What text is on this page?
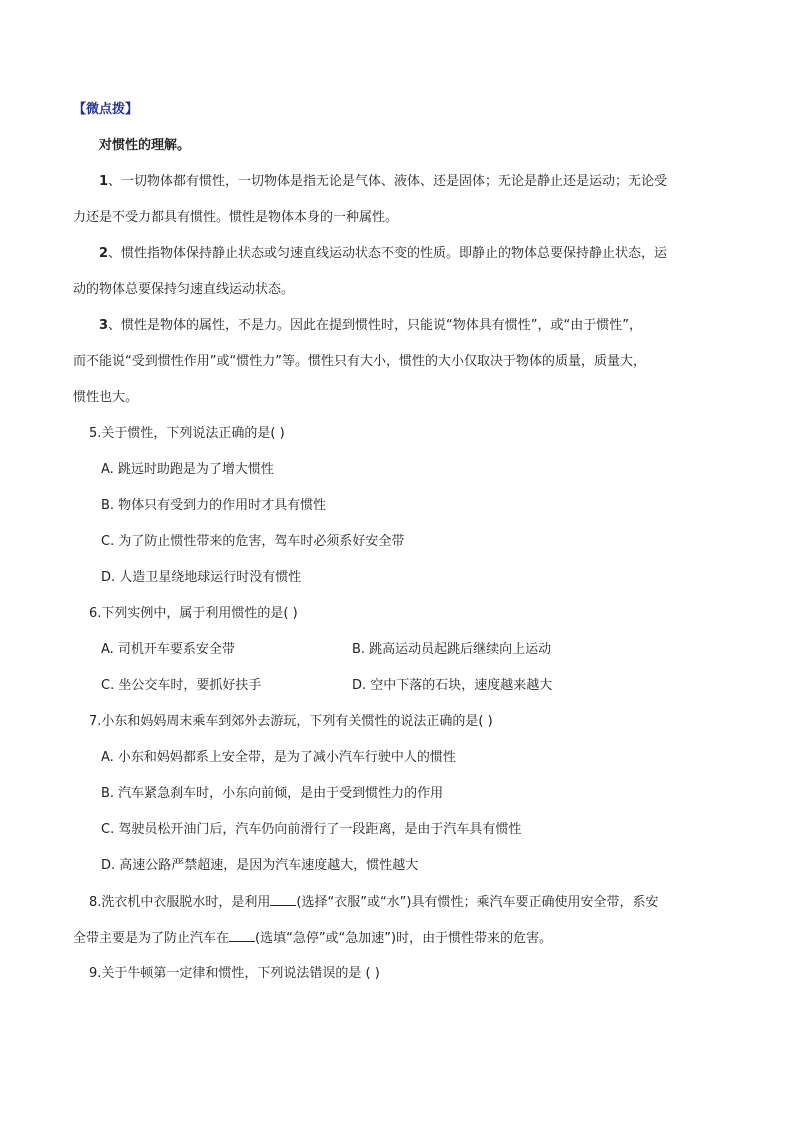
【微点拨】
对惯性的理解。
1、一切物体都有惯性，一切物体是指无论是气体、液体、还是固体；无论是静止还是运动；无论受
力还是不受力都具有惯性。惯性是物体本身的一种属性。
2、惯性指物体保持静止状态或匀速直线运动状态不变的性质。即静止的物体总要保持静止状态，运
动的物体总要保持匀速直线运动状态。
3、惯性是物体的属性，不是力。因此在提到惯性时，只能说“物体具有惯性”，或“由于惯性”，
而不能说“受到惯性作用”或“惯性力”等。惯性只有大小，惯性的大小仅取决于物体的质量，质量大，
惯性也大。
5.关于惯性，下列说法正确的是( )
A. 跳远时助跑是为了增大惯性
B. 物体只有受到力的作用时才具有惯性
C. 为了防止惯性带来的危害，驾车时必须系好安全带
D. 人造卫星绕地球运行时没有惯性
6.下列实例中，属于利用惯性的是( )
A. 司机开车要系安全带	B. 跳高运动员起跳后继续向上运动
C. 坐公交车时，要抓好扶手	D. 空中下落的石块，速度越来越大
7.小东和妈妈周末乘车到郊外去游玩，下列有关惯性的说法正确的是( )
A. 小东和妈妈都系上安全带，是为了减小汽车行驶中人的惯性
B. 汽车紧急刹车时，小东向前倾，是由于受到惯性力的作用
C. 驾驶员松开油门后，汽车仍向前滑行了一段距离，是由于汽车具有惯性
D. 高速公路严禁超速，是因为汽车速度越大，惯性越大
8.洗衣机中衣服脱水时，是利用 (选择“衣服”或“水”)具有惯性；乘汽车要正确使用安全带，系安
全带主要是为了防止汽车在 (选填“急停”或“急加速”)时，由于惯性带来的危害。
9.关于牛顿第一定律和惯性，下列说法错误的是 ( )
